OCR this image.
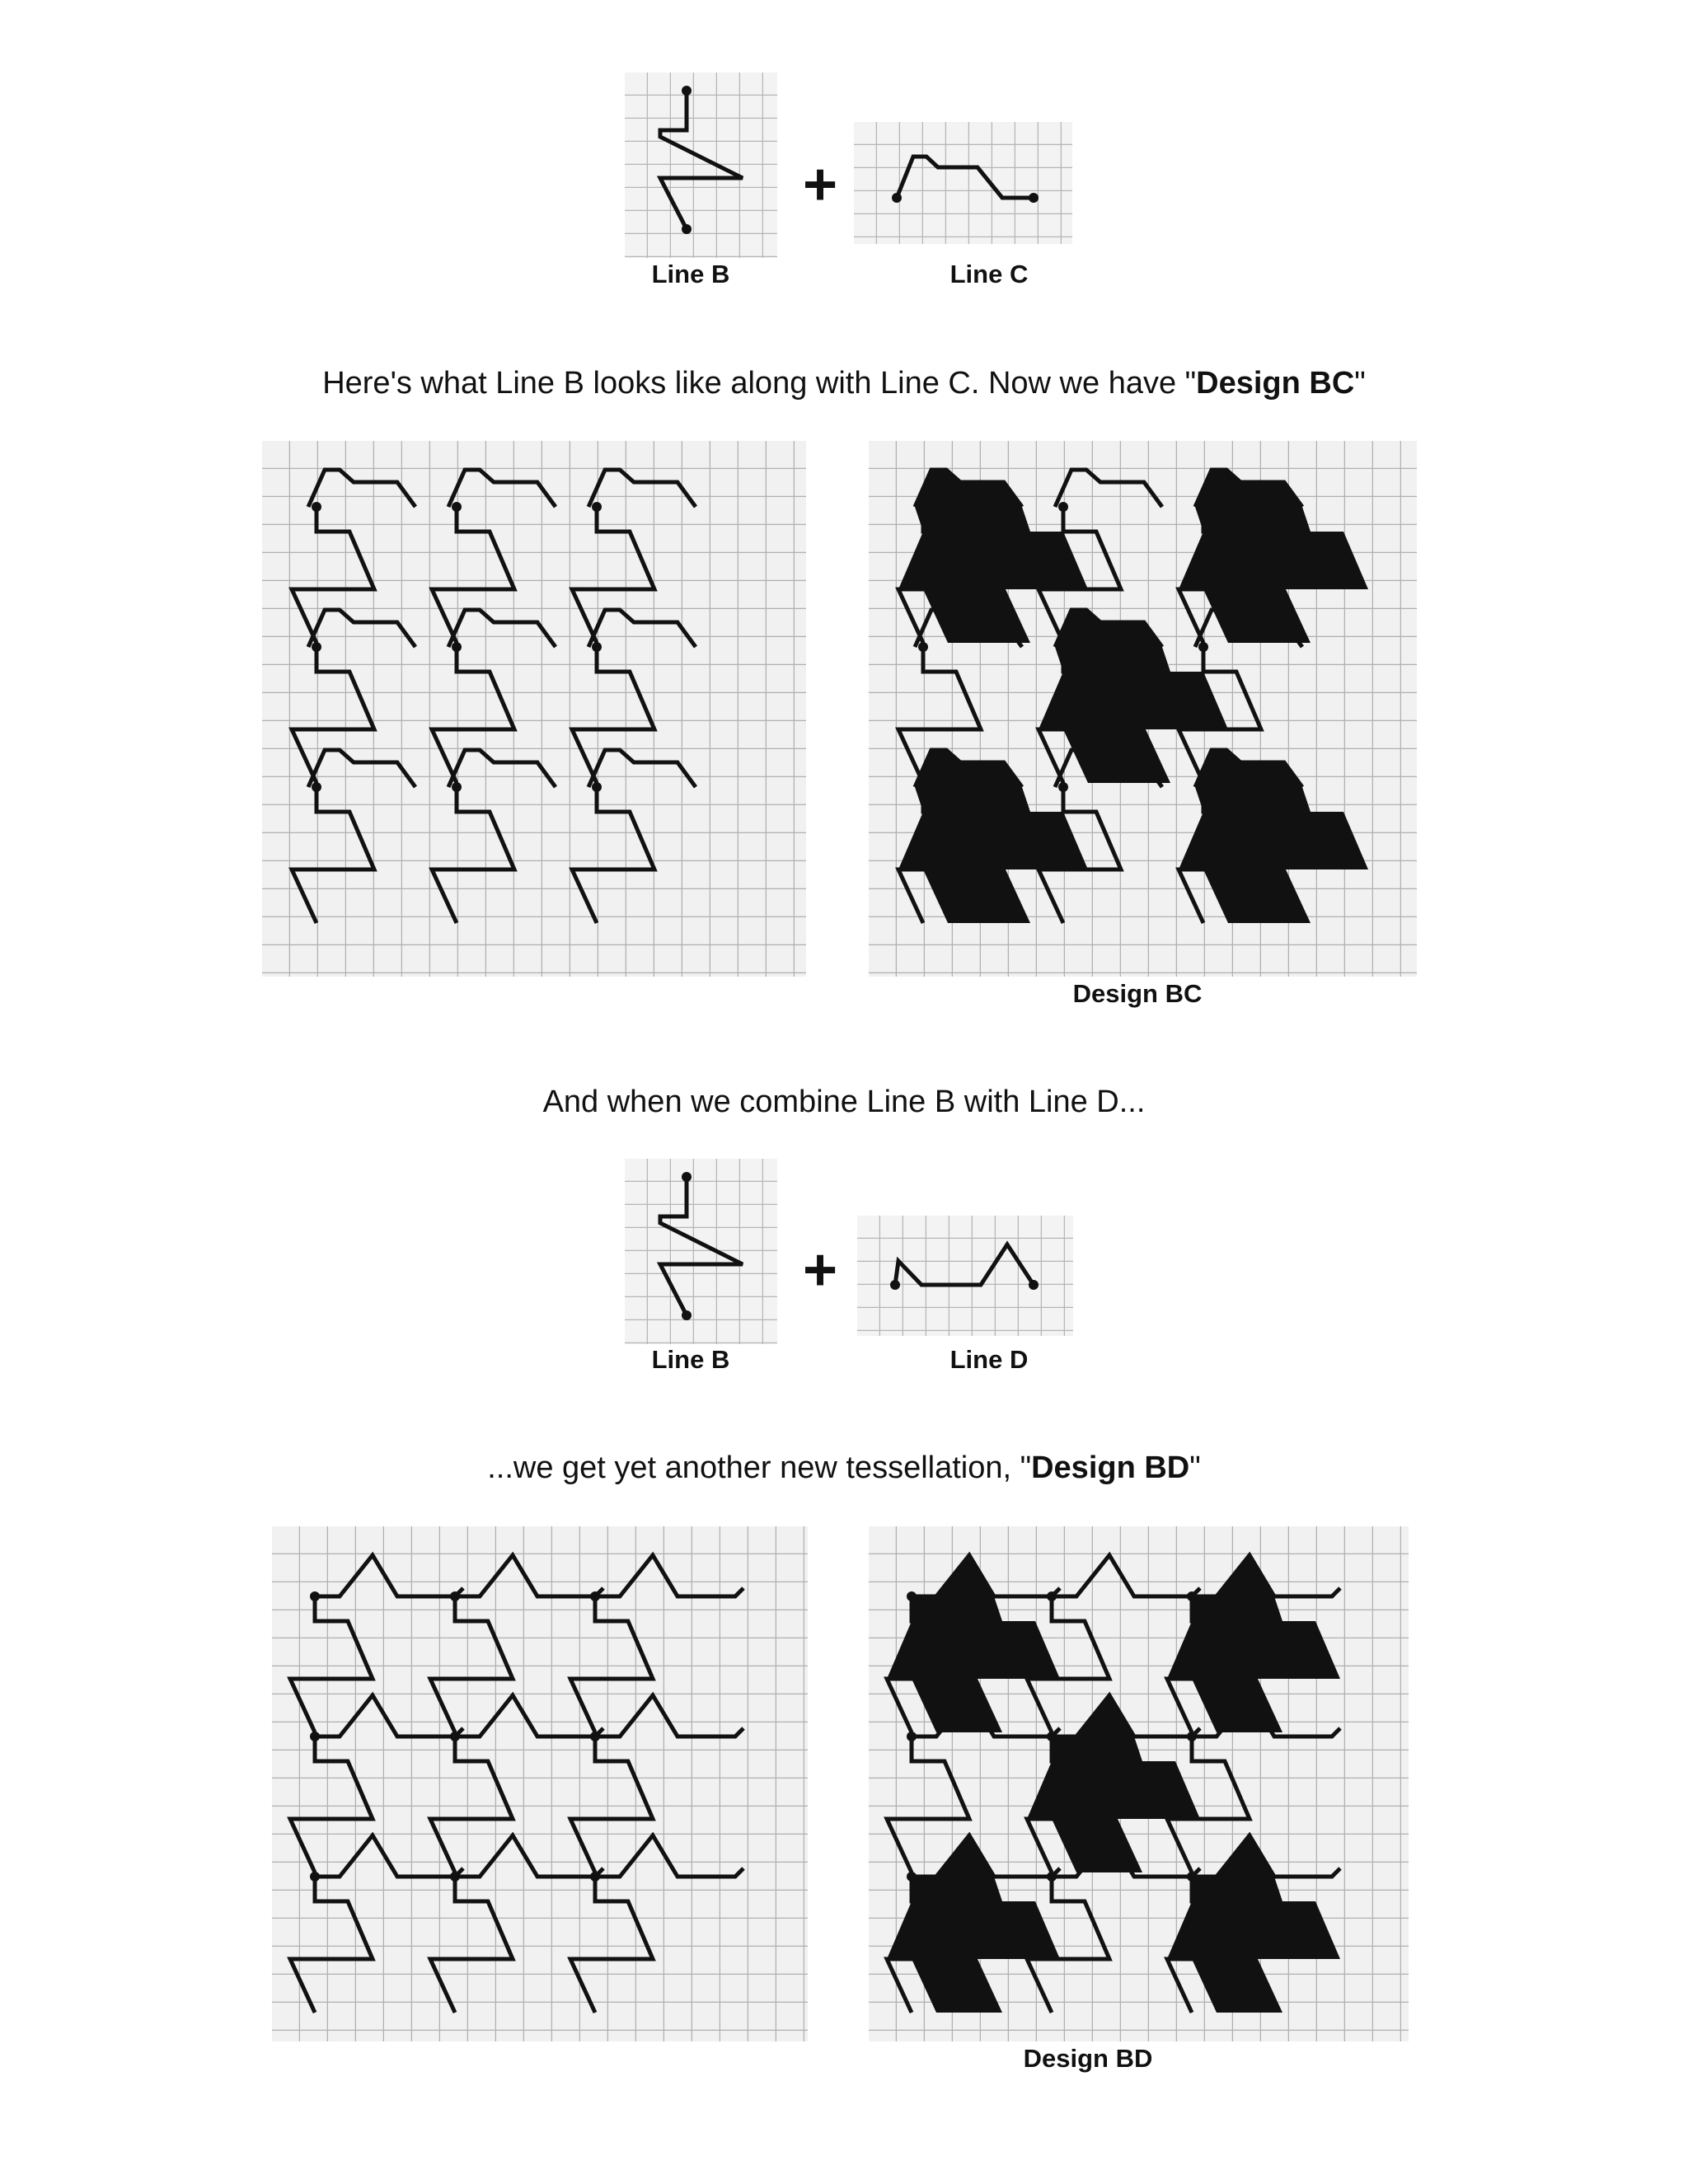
+
Line B	Line C
Here's what Line B looks like along with Line C. Now we have "Design BC"
Design BC
And when we combine Line B with Line D...
+
Line B	Line D
...we get yet another new tessellation, "Design BD"
Design BD
